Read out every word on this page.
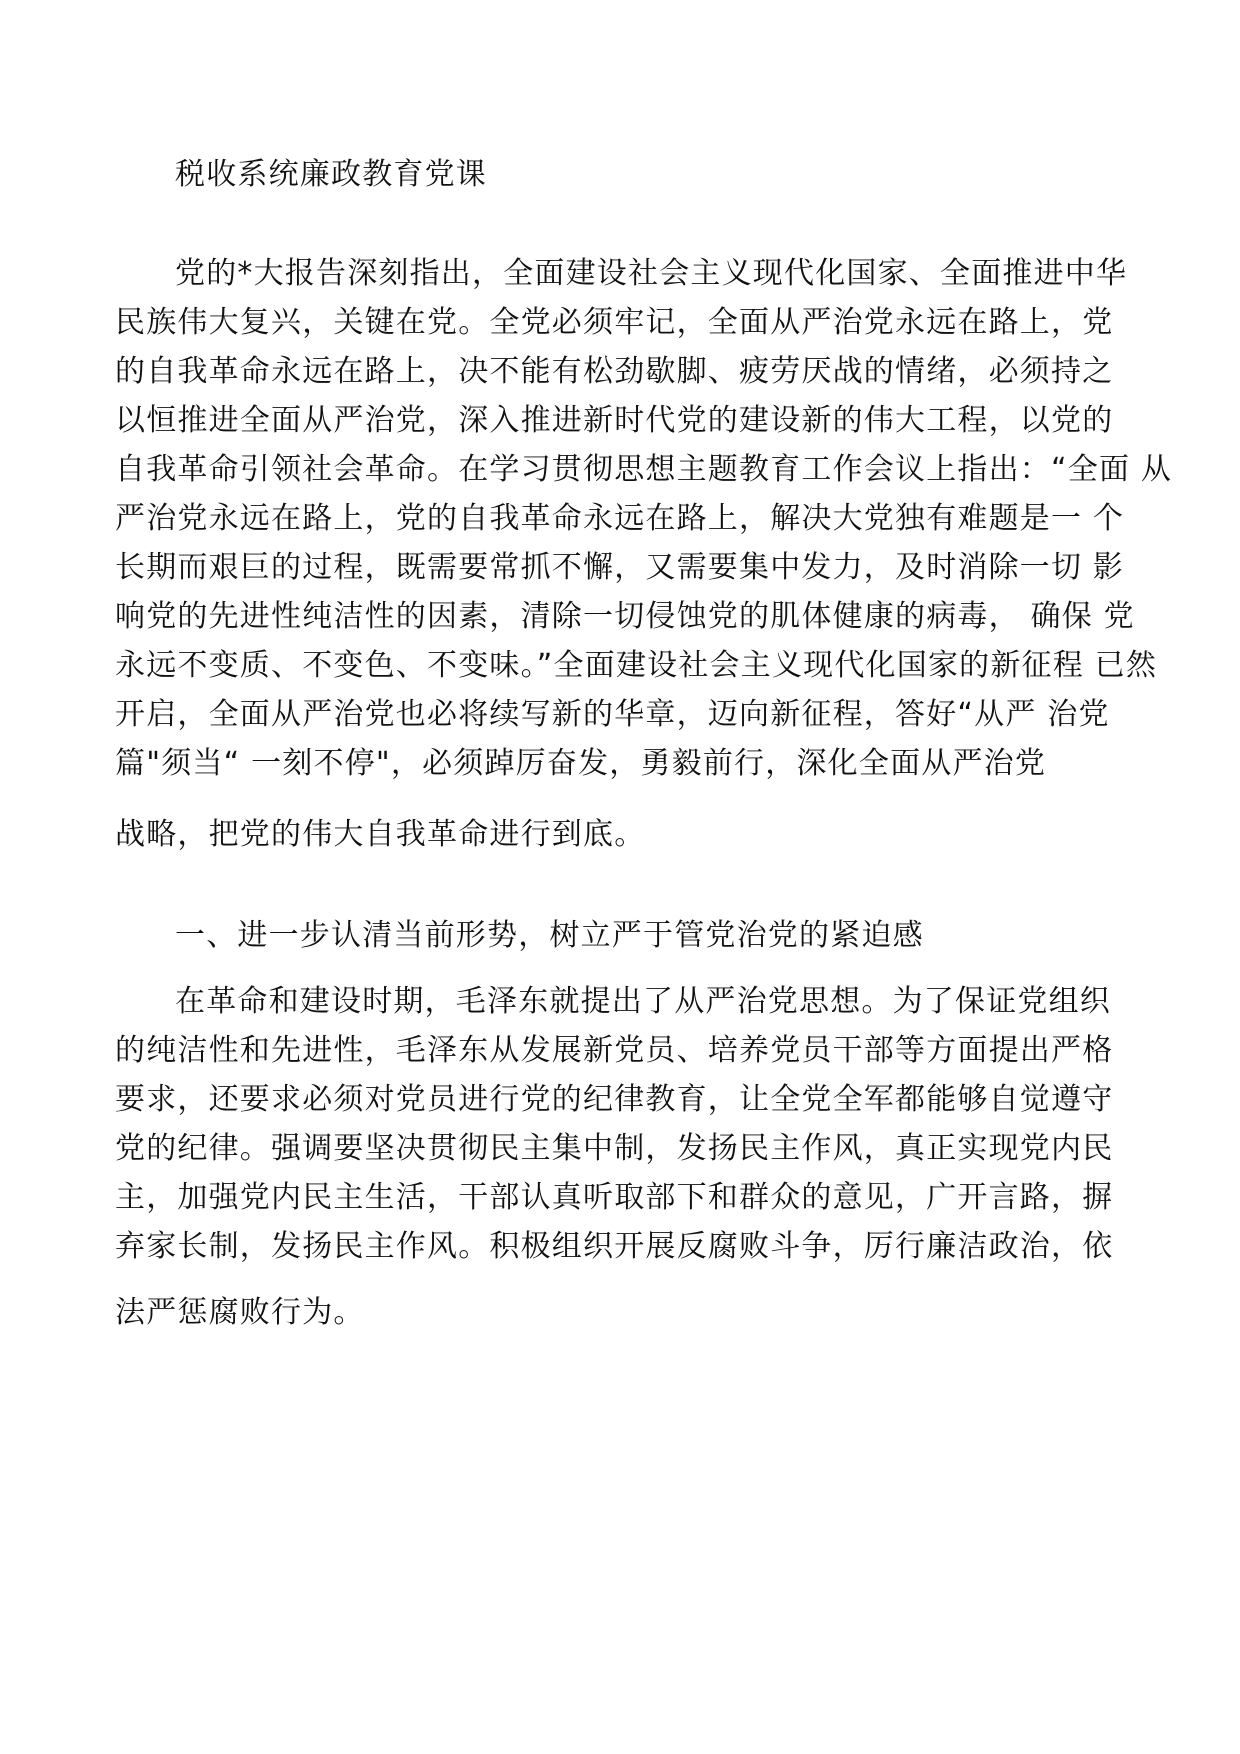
税收系统廉政教育党课
党的*大报告深刻指出，全面建设社会主义现代化国家、全面推进中华
民族伟大复兴，关键在党。全党必须牢记，全面从严治党永远在路上，党
的自我革命永远在路上，决不能有松劲歇脚、疲劳厌战的情绪，必须持之
以恒推进全面从严治党，深入推进新时代党的建设新的伟大工程，以党的
自我革命引领社会革命。在学习贯彻思想主题教育工作会议上指出：“全面 从
严治党永远在路上，党的自我革命永远在路上，解决大党独有难题是一 个
长期而艰巨的过程，既需要常抓不懈，又需要集中发力，及时消除一切 影
响党的先进性纯洁性的因素，清除一切侵蚀党的肌体健康的病毒， 确保 党
永远不变质、不变色、不变味。”全面建设社会主义现代化国家的新征程 已然
开启，全面从严治党也必将续写新的华章，迈向新征程，答好“从严 治党
篇"须当“ 一刻不停"，必须踔厉奋发，勇毅前行，深化全面从严治党
战略，把党的伟大自我革命进行到底。
一、进一步认清当前形势，树立严于管党治党的紧迫感
在革命和建设时期，毛泽东就提出了从严治党思想。为了保证党组织
的纯洁性和先进性，毛泽东从发展新党员、培养党员干部等方面提出严格
要求，还要求必须对党员进行党的纪律教育，让全党全军都能够自觉遵守
党的纪律。强调要坚决贯彻民主集中制，发扬民主作风，真正实现党内民
主，加强党内民主生活，干部认真听取部下和群众的意见，广开言路，摒
弃家长制，发扬民主作风。积极组织开展反腐败斗争，厉行廉洁政治，依
法严惩腐败行为。
